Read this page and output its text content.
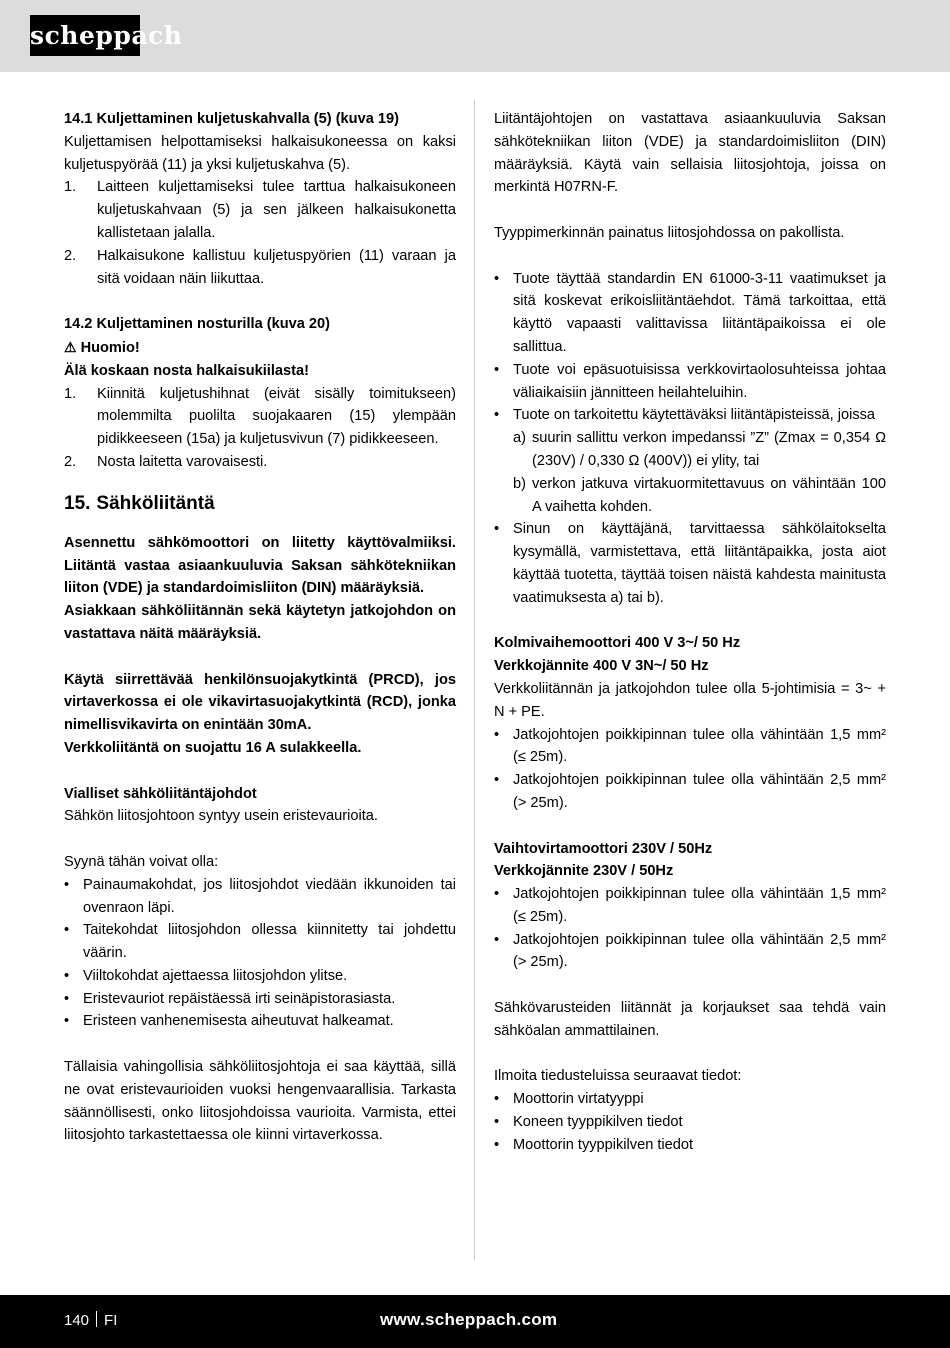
scheppach

14.1 Kuljettaminen kuljetuskahvalla (5) (kuva 19)

Kuljettamisen helpottamiseksi halkaisukoneessa on kaksi kuljetuspyörää (11) ja yksi kuljetuskahva (5).

1.	Laitteen kuljettamiseksi tulee tarttua halkaisukoneen kuljetuskahvaan (5) ja sen jälkeen halkaisukonetta kallistetaan jalalla.
2.	Halkaisukone kallistuu kuljetuspyörien (11) varaan ja sitä voidaan näin liikuttaa.

14.2 Kuljettaminen nosturilla (kuva 20)

⚠ Huomio!

Älä koskaan nosta halkaisukiilasta!

1.	Kiinnitä kuljetushihnat (eivät sisälly toimitukseen) molemmilta puolilta suojakaaren (15) ylempään pidikkeeseen (15a) ja kuljetusvivun (7) pidikkeeseen.
2.	Nosta laitetta varovaisesti.
15. Sähköliitäntä

Asennettu sähkömoottori on liitetty käyttövalmiiksi. Liitäntä vastaa asiaankuuluvia Saksan sähkötekniikan liiton (VDE) ja standardoimisliiton (DIN) määräyksiä.

Asiakkaan sähköliitännän sekä käytetyn jatkojohdon on vastattava näitä määräyksiä.

Käytä siirrettävää henkilönsuojakytkintä (PRCD), jos virtaverkossa ei ole vikavirtasuojakytkintä (RCD), jonka nimellisvikavirta on enintään 30mA.

Verkkoliitäntä on suojattu 16 A sulakkeella.

Vialliset sähköliitäntäjohdot

Sähkön liitosjohtoon syntyy usein eristevaurioita.

Syynä tähän voivat olla:

• Painaumakohdat, jos liitosjohdot viedään ikkunoiden tai ovenraon läpi.
• Taitekohdat liitosjohdon ollessa kiinnitetty tai johdettu väärin.
• Viiltokohdat ajettaessa liitosjohdon ylitse.
• Eristevauriot repäistäessä irti seinäpistorasiasta.
• Eristeen vanhenemisesta aiheutuvat halkeamat.

Tällaisia vahingollisia sähköliitosjohtoja ei saa käyttää, sillä ne ovat eristevaurioiden vuoksi hengenvaarallisia. Tarkasta säännöllisesti, onko liitosjohdoissa vaurioita. Varmista, ettei liitosjohto tarkastettaessa ole kiinni virtaverkossa.

Liitäntäjohtojen on vastattava asiaankuuluvia Saksan sähkötekniikan liiton (VDE) ja standardoimisliiton (DIN) määräyksiä. Käytä vain sellaisia liitosjohtoja, joissa on merkintä H07RN-F.

Tyyppimerkinnän painatus liitosjohdossa on pakollista.

• Tuote täyttää standardin EN 61000-3-11 vaatimukset ja sitä koskevat erikoisliitäntäehdot. Tämä tarkoittaa, että käyttö vapaasti valittavissa liitäntäpaikoissa ei ole sallittua.
• Tuote voi epäsuotuisissa verkkovirtaolosuhteissa johtaa väliaikaisiin jännitteen heilahteluihin.
• Tuote on tarkoitettu käytettäväksi liitäntäpisteissä, joissa
a) suurin sallittu verkon impedanssi ”Z” (Zmax = 0,354 Ω (230V) / 0,330 Ω (400V)) ei ylity, tai
b) verkon jatkuva virtakuormitettavuus on vähintään 100 A vaihetta kohden.
• Sinun on käyttäjänä, tarvittaessa sähkölaitokselta kysymällä, varmistettava, että liitäntäpaikka, josta aiot käyttää tuotetta, täyttää toisen näistä kahdesta mainitusta vaatimuksesta a) tai b).

Kolmivaihemoottori 400 V 3~/ 50 Hz

Verkkojännite 400 V 3N~/ 50 Hz

Verkkoliitännän ja jatkojohdon tulee olla 5-johtimisia = 3~ + N + PE.

• Jatkojohtojen poikkipinnan tulee olla vähintään 1,5 mm² (≤ 25m).
• Jatkojohtojen poikkipinnan tulee olla vähintään 2,5 mm² (> 25m).

Vaihtovirtamoottori 230V / 50Hz

Verkkojännite 230V / 50Hz

• Jatkojohtojen poikkipinnan tulee olla vähintään 1,5 mm² (≤ 25m).
• Jatkojohtojen poikkipinnan tulee olla vähintään 2,5 mm² (> 25m).

Sähkövarusteiden liitännät ja korjaukset saa tehdä vain sähköalan ammattilainen.

Ilmoita tiedusteluissa seuraavat tiedot:

• Moottorin virtatyyppi
• Koneen tyyppikilven tiedot
• Moottorin tyyppikilven tiedot
140 FI	www.scheppach.com
